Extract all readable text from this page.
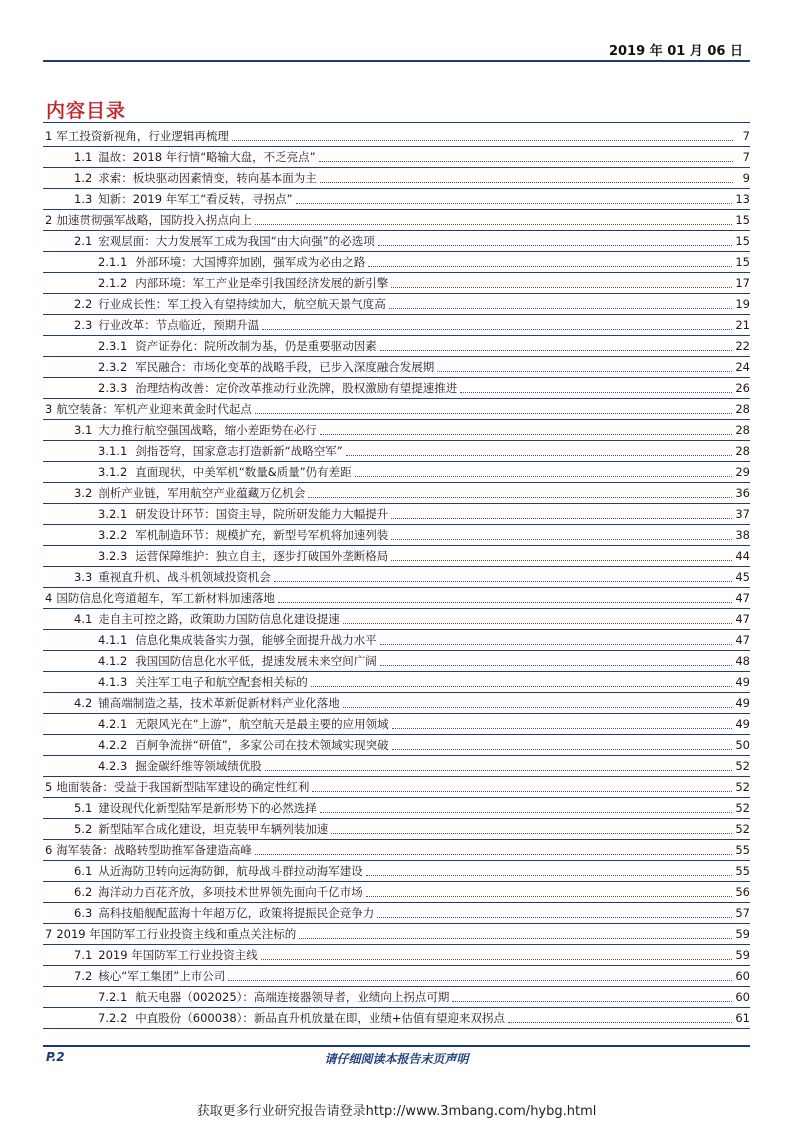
2019 年 01 月 06 日
内容目录
1 军工投资新视角，行业逻辑再梳理	7
1.1 温故：2018 年行情“略输大盘，不乏亮点”	7
1.2 求索：板块驱动因素情变，转向基本面为主	9
1.3 知新：2019 年军工“看反转，寻拐点”	13
2 加速贯彻强军战略，国防投入拐点向上	15
2.1 宏观层面：大力发展军工成为我国“由大向强”的必选项	15
2.1.1 外部环境：大国博弈加剧，强军成为必由之路	15
2.1.2 内部环境：军工产业是牵引我国经济发展的新引擎	17
2.2 行业成长性：军工投入有望持续加大，航空航天景气度高	19
2.3 行业改革：节点临近，预期升温	21
2.3.1 资产证券化：院所改制为基，仍是重要驱动因素	22
2.3.2 军民融合：市场化变革的战略手段，已步入深度融合发展期	24
2.3.3 治理结构改善：定价改革推动行业洗牌，股权激励有望提速推进	26
3 航空装备：军机产业迎来黄金时代起点	28
3.1 大力推行航空强国战略，缩小差距势在必行	28
3.1.1 剑指苍穹，国家意志打造新新“战略空军”	28
3.1.2 直面现状，中美军机“数量&质量”仍有差距	29
3.2 剖析产业链，军用航空产业蕴藏万亿机会	36
3.2.1 研发设计环节：国资主导，院所研发能力大幅提升	37
3.2.2 军机制造环节：规模扩充，新型号军机将加速列装	38
3.2.3 运营保障维护：独立自主，逐步打破国外垄断格局	44
3.3 重视直升机、战斗机领域投资机会	45
4 国防信息化弯道超车，军工新材料加速落地	47
4.1 走自主可控之路，政策助力国防信息化建设提速	47
4.1.1 信息化集成装备实力强，能够全面提升战力水平	47
4.1.2 我国国防信息化水平低，提速发展未来空间广阔	48
4.1.3 关注军工电子和航空配套相关标的	49
4.2 铺高端制造之基，技术革新促新材料产业化落地	49
4.2.1 无限风光在“上游”，航空航天是最主要的应用领域	49
4.2.2 百舸争流拼“研值”，多家公司在技术领域实现突破	50
4.2.3 掘金碳纤维等领域绩优股	52
5 地面装备：受益于我国新型陆军建设的确定性红利	52
5.1 建设现代化新型陆军是新形势下的必然选择	52
5.2 新型陆军合成化建设，坦克装甲车辆列装加速	52
6 海军装备：战略转型助推军备建造高峰	55
6.1 从近海防卫转向远海防御，航母战斗群拉动海军建设	55
6.2 海洋动力百花齐放，多项技术世界领先面向千亿市场	56
6.3 高科技船舰配蓝海十年超万亿，政策将提振民企竞争力	57
7 2019 年国防军工行业投资主线和重点关注标的	59
7.1 2019 年国防军工行业投资主线	59
7.2 核心“军工集团”上市公司	60
7.2.1 航天电器（002025）：高端连接器领导者，业绩向上拐点可期	60
7.2.2 中直股份（600038）：新品直升机放量在即，业绩+估值有望迎来双拐点	61
P.2	请仔细阅读本报告末页声明
获取更多行业研究报告请登录http://www.3mbang.com/hybg.html
